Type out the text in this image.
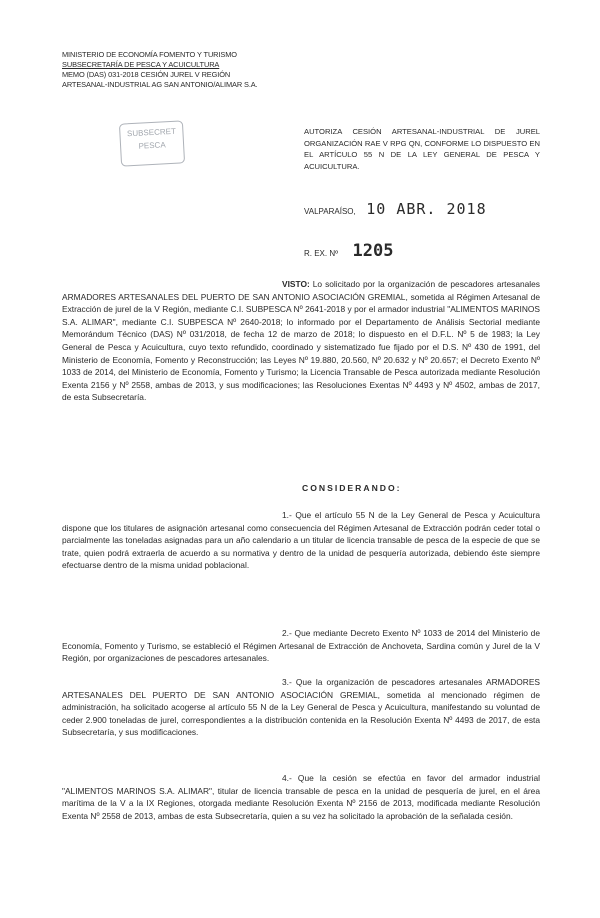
MINISTERIO DE ECONOMÍA FOMENTO Y TURISMO
SUBSECRETARÍA DE PESCA Y ACUICULTURA
MEMO (DAS) 031-2018 CESIÓN JUREL V REGIÓN
ARTESANAL-INDUSTRIAL AG SAN ANTONIO/ALIMAR S.A.
SUBSECRET
PESCA
AUTORIZA CESIÓN ARTESANAL-INDUSTRIAL DE JUREL ORGANIZACIÓN RAE V RPG QN, CONFORME LO DISPUESTO EN EL ARTÍCULO 55 N DE LA LEY GENERAL DE PESCA Y ACUICULTURA.
VALPARAÍSO, 10 ABR. 2018
R. EX. Nº 1205
VISTO: Lo solicitado por la organización de pescadores artesanales ARMADORES ARTESANALES DEL PUERTO DE SAN ANTONIO ASOCIACIÓN GREMIAL, sometida al Régimen Artesanal de Extracción de jurel de la V Región, mediante C.I. SUBPESCA Nº 2641-2018 y por el armador industrial "ALIMENTOS MARINOS S.A. ALIMAR", mediante C.I. SUBPESCA Nº 2640-2018; lo informado por el Departamento de Análisis Sectorial mediante Memorándum Técnico (DAS) Nº 031/2018, de fecha 12 de marzo de 2018; lo dispuesto en el D.F.L. Nº 5 de 1983; la Ley General de Pesca y Acuicultura, cuyo texto refundido, coordinado y sistematizado fue fijado por el D.S. Nº 430 de 1991, del Ministerio de Economía, Fomento y Reconstrucción; las Leyes Nº 19.880, 20.560, Nº 20.632 y Nº 20.657; el Decreto Exento Nº 1033 de 2014, del Ministerio de Economía, Fomento y Turismo; la Licencia Transable de Pesca autorizada mediante Resolución Exenta 2156 y Nº 2558, ambas de 2013, y sus modificaciones; las Resoluciones Exentas Nº 4493 y Nº 4502, ambas de 2017, de esta Subsecretaría.
CONSIDERANDO:
1.- Que el artículo 55 N de la Ley General de Pesca y Acuicultura dispone que los titulares de asignación artesanal como consecuencia del Régimen Artesanal de Extracción podrán ceder total o parcialmente las toneladas asignadas para un año calendario a un titular de licencia transable de pesca de la especie de que se trate, quien podrá extraerla de acuerdo a su normativa y dentro de la unidad de pesquería autorizada, debiendo éste siempre efectuarse dentro de la misma unidad poblacional.
2.- Que mediante Decreto Exento Nº 1033 de 2014 del Ministerio de Economía, Fomento y Turismo, se estableció el Régimen Artesanal de Extracción de Anchoveta, Sardina común y Jurel de la V Región, por organizaciones de pescadores artesanales.
3.- Que la organización de pescadores artesanales ARMADORES ARTESANALES DEL PUERTO DE SAN ANTONIO ASOCIACIÓN GREMIAL, sometida al mencionado régimen de administración, ha solicitado acogerse al artículo 55 N de la Ley General de Pesca y Acuicultura, manifestando su voluntad de ceder 2.900 toneladas de jurel, correspondientes a la distribución contenida en la Resolución Exenta Nº 4493 de 2017, de esta Subsecretaría, y sus modificaciones.
4.- Que la cesión se efectúa en favor del armador industrial "ALIMENTOS MARINOS S.A. ALIMAR", titular de licencia transable de pesca en la unidad de pesquería de jurel, en el área marítima de la V a la IX Regiones, otorgada mediante Resolución Exenta Nº 2156 de 2013, modificada mediante Resolución Exenta Nº 2558 de 2013, ambas de esta Subsecretaría, quien a su vez ha solicitado la aprobación de la señalada cesión.
